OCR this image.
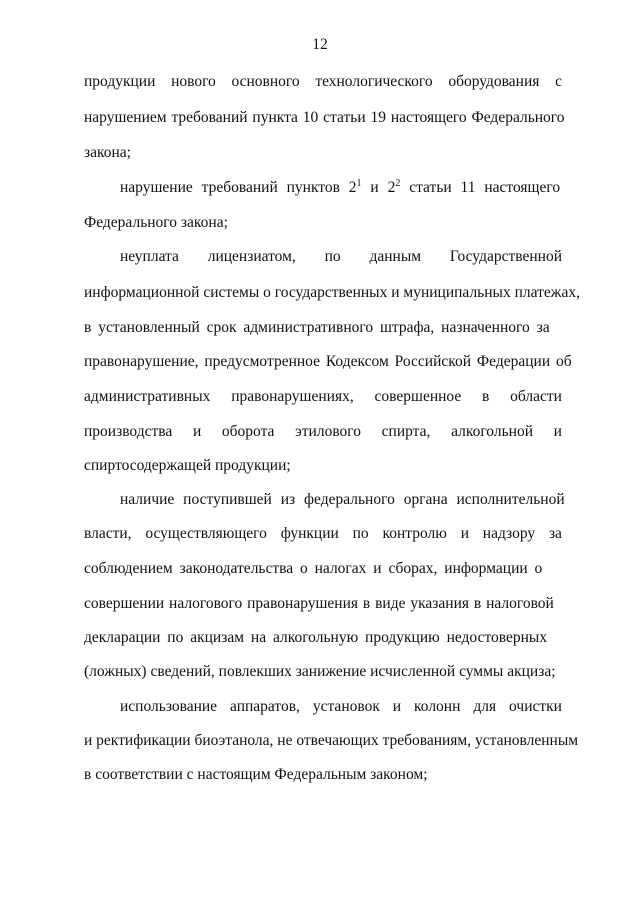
12
продукции нового основного технологического оборудования с
нарушением требований пункта 10 статьи 19 настоящего Федерального
закона;
нарушение требований пунктов $2^1$ и $2^2$ статьи 11 настоящего
Федерального закона;
неуплата лицензиатом, по данным Государственной
информационной системы о государственных и муниципальных платежах,
в установленный срок административного штрафа, назначенного за
правонарушение, предусмотренное Кодексом Российской Федерации об
административных правонарушениях, совершенное в области
производства и оборота этилового спирта, алкогольной и
спиртосодержащей продукции;
наличие поступившей из федерального органа исполнительной
власти, осуществляющего функции по контролю и надзору за
соблюдением законодательства о налогах и сборах, информации о
совершении налогового правонарушения в виде указания в налоговой
декларации по акцизам на алкогольную продукцию недостоверных
(ложных) сведений, повлекших занижение исчисленной суммы акциза;
использование аппаратов, установок и колонн для очистки
и ректификации биоэтанола, не отвечающих требованиям, установленным
в соответствии с настоящим Федеральным законом;
